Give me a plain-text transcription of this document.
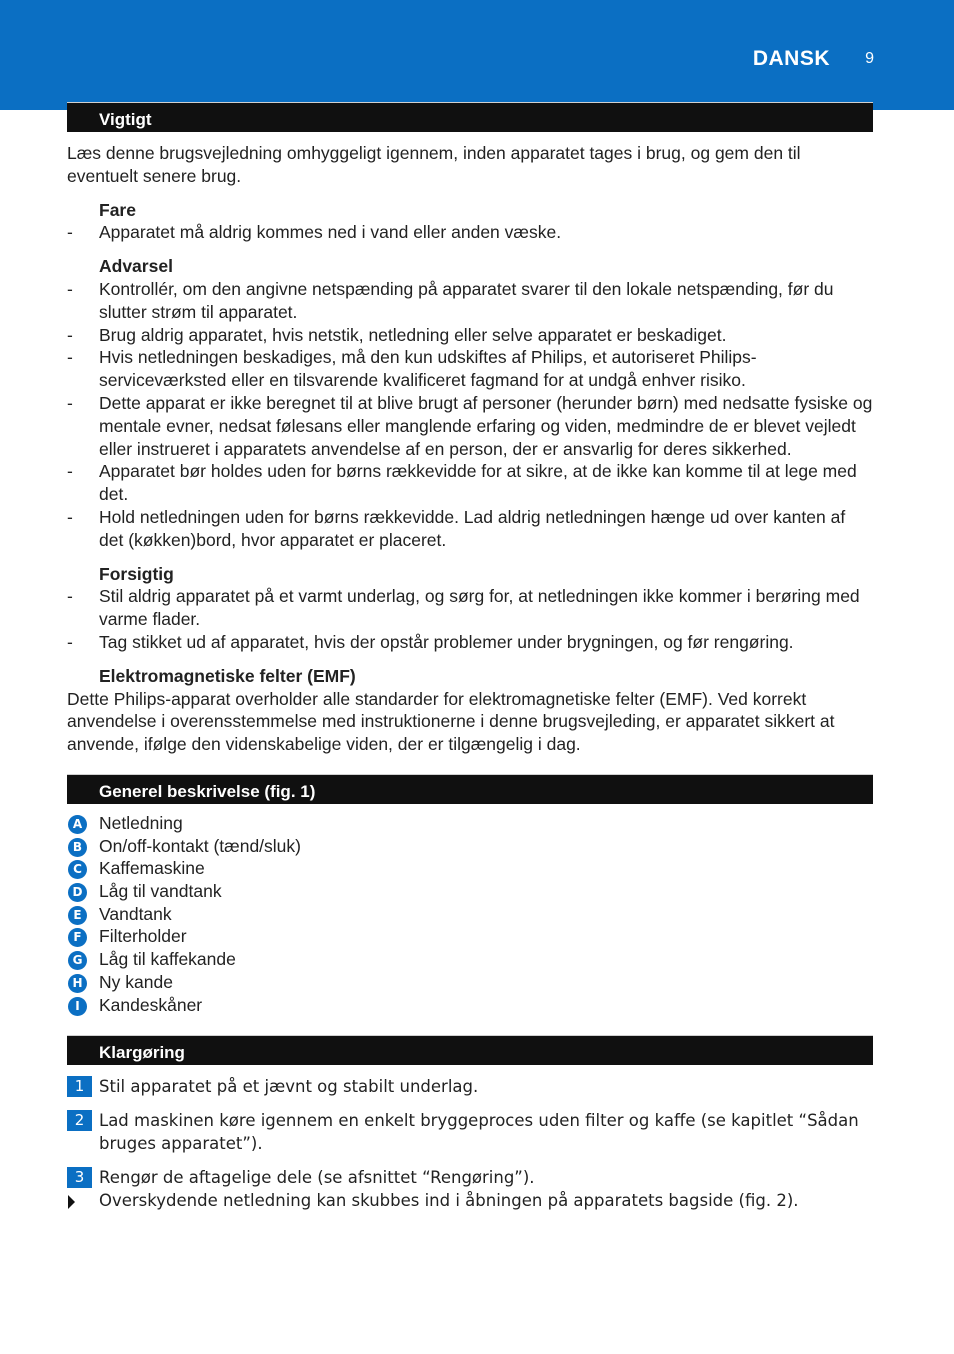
DANSK 9
Vigtigt

Læs denne brugsvejledning omhyggeligt igennem, inden apparatet tages i brug, og gem den til eventuelt senere brug.

Fare

-	Apparatet må aldrig kommes ned i vand eller anden væske.

Advarsel

-	Kontrollér, om den angivne netspænding på apparatet svarer til den lokale netspænding, før du slutter strøm til apparatet.
-	Brug aldrig apparatet, hvis netstik, netledning eller selve apparatet er beskadiget.
-	Hvis netledningen beskadiges, må den kun udskiftes af Philips, et autoriseret Philips-serviceværksted eller en tilsvarende kvalificeret fagmand for at undgå enhver risiko.
-	Dette apparat er ikke beregnet til at blive brugt af personer (herunder børn) med nedsatte fysiske og mentale evner, nedsat følesans eller manglende erfaring og viden, medmindre de er blevet vejledt eller instrueret i apparatets anvendelse af en person, der er ansvarlig for deres sikkerhed.
-	Apparatet bør holdes uden for børns rækkevidde for at sikre, at de ikke kan komme til at lege med det.
-	Hold netledningen uden for børns rækkevidde. Lad aldrig netledningen hænge ud over kanten af det (køkken)bord, hvor apparatet er placeret.

Forsigtig

-	Stil aldrig apparatet på et varmt underlag, og sørg for, at netledningen ikke kommer i berøring med varme flader.
-	Tag stikket ud af apparatet, hvis der opstår problemer under brygningen, og før rengøring.

Elektromagnetiske felter (EMF)

Dette Philips-apparat overholder alle standarder for elektromagnetiske felter (EMF). Ved korrekt anvendelse i overensstemmelse med instruktionerne i denne brugsvejleding, er apparatet sikkert at anvende, ifølge den videnskabelige viden, der er tilgængelig i dag.

Generel beskrivelse (fig. 1)
A Netledning
B On/off-kontakt (tænd/sluk)
C Kaffemaskine
D Låg til vandtank
E Vandtank
F Filterholder
G Låg til kaffekande
H Ny kande
I	Kandeskåner
Klargøring
1 Stil apparatet på et jævnt og stabilt underlag.
2 Lad maskinen køre igennem en enkelt bryggeproces uden filter og kaffe (se kapitlet “Sådan bruges apparatet”).
3 Rengør de aftagelige dele (se afsnittet “Rengøring”).
Overskydende netledning kan skubbes ind i åbningen på apparatets bagside (fig. 2).
